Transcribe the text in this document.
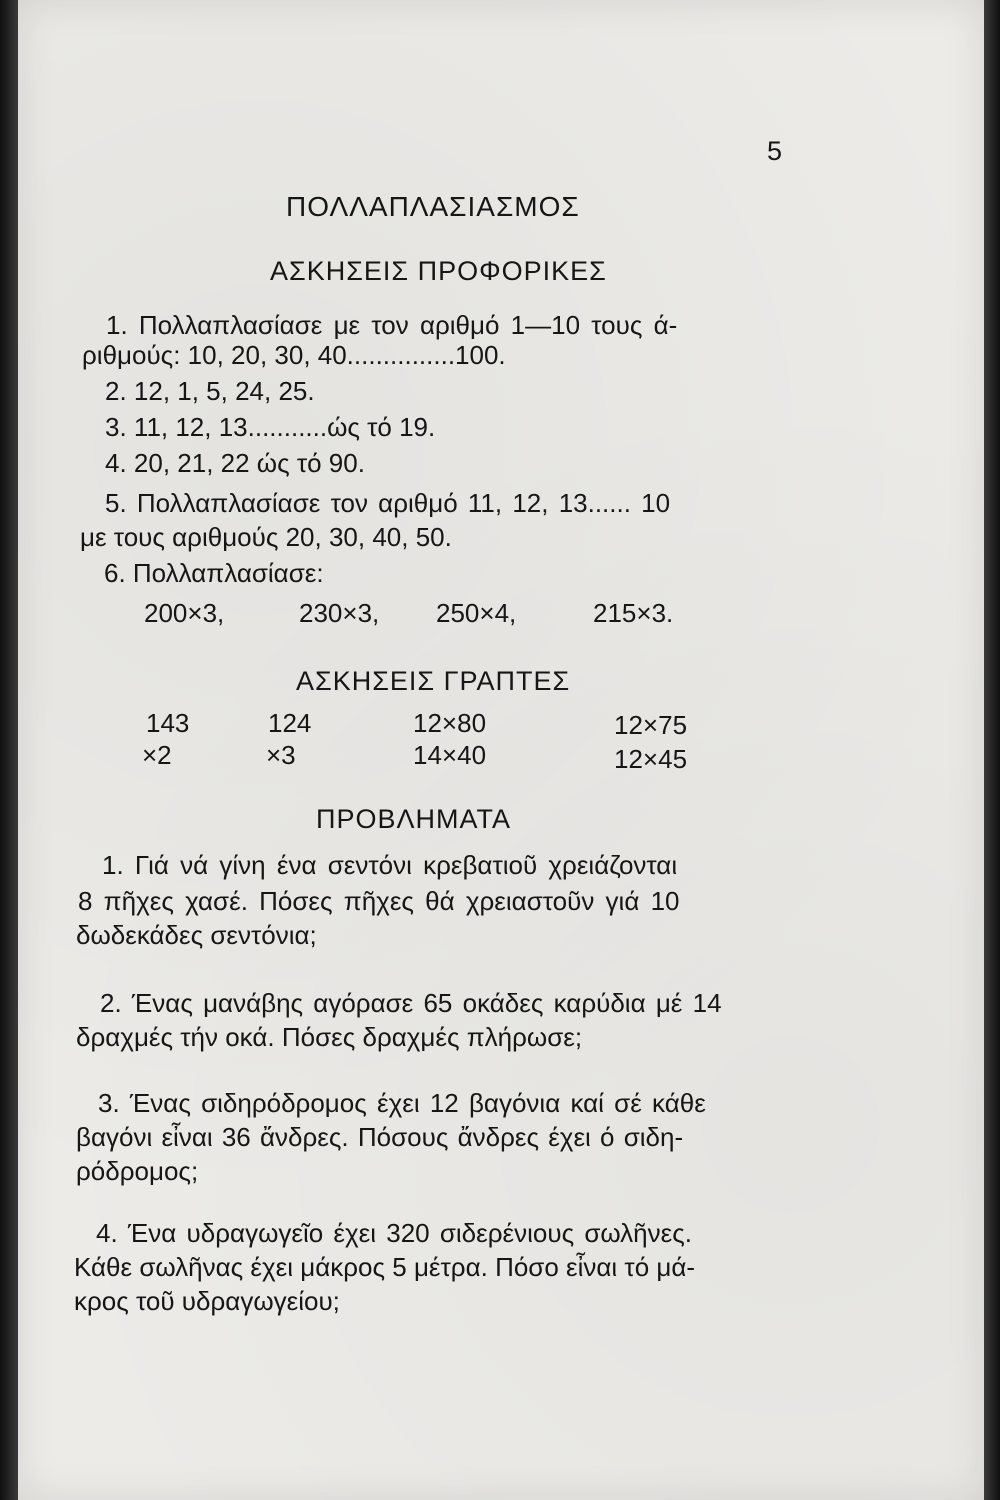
5
ΠΟΛΛΑΠΛΑΣΙΑΣΜΟΣ
ΑΣΚΗΣΕΙΣ ΠΡΟΦΟΡΙΚΕΣ
1. Πολλαπλασίασε με τον αριθμό 1—10 τους ά-
ριθμούς: 10, 20, 30, 40...............100.
2. 12, 1, 5, 24, 25.
3. 11, 12, 13...........ώς τό 19.
4. 20, 21, 22 ώς τό 90.
5. Πολλαπλασίασε τον αριθμό 11, 12, 13...... 10
με τους αριθμούς 20, 30, 40, 50.
6. Πολλαπλασίασε:
200×3,	230×3, 250×4,	215×3.
ΑΣΚΗΣΕΙΣ ΓΡΑΠΤΕΣ
143
×2
124
×3
12×80
14×40
12×75
12×45
ΠΡΟΒΛΗΜΑΤΑ
1. Γιά νά γίνη ένα σεντόνι κρεβατιοῦ χρειάζονται
8 πῆχες χασέ. Πόσες πῆχες θά χρειαστοῦν γιά 10
δωδεκάδες σεντόνια;
2. Ένας μανάβης αγόρασε 65 οκάδες καρύδια μέ 14
δραχμές τήν οκά. Πόσες δραχμές πλήρωσε;
3. Ένας σιδηρόδρομος έχει 12 βαγόνια καί σέ κάθε
βαγόνι εἶναι 36 ἄνδρες. Πόσους ἄνδρες έχει ό σιδη-
ρόδρομος;
4. Ένα υδραγωγεῖο έχει 320 σιδερένιους σωλῆνες.
Κάθε σωλῆνας έχει μάκρος 5 μέτρα. Πόσο εἶναι τό μά-
κρος τοῦ υδραγωγείου;
